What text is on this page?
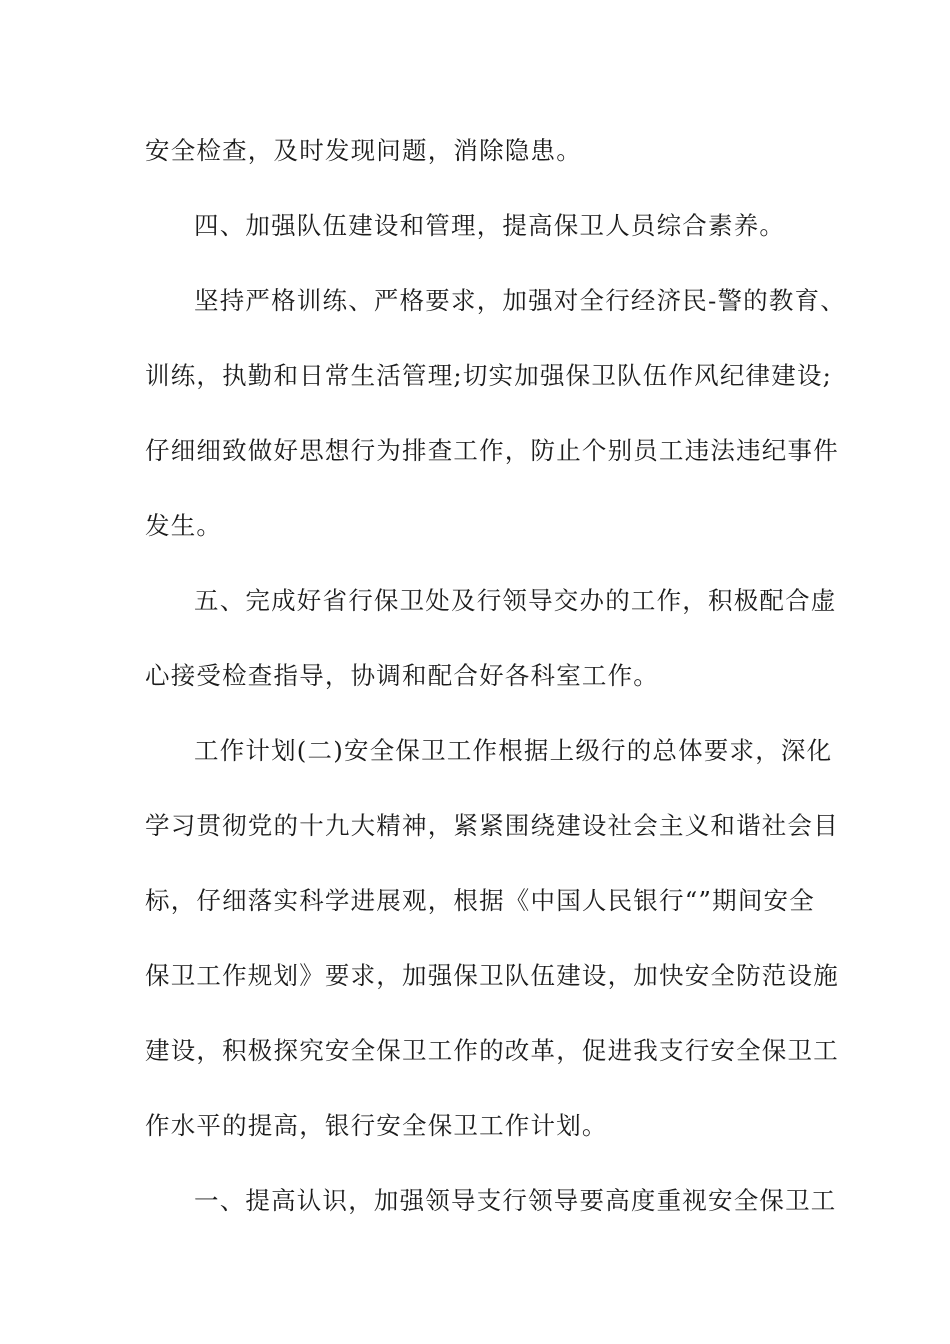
安全检查，及时发现问题，消除隐患。
四、加强队伍建设和管理，提高保卫人员综合素养。
坚持严格训练、严格要求，加强对全行经济民-警的教育、
训练，执勤和日常生活管理;切实加强保卫队伍作风纪律建设;
仔细细致做好思想行为排查工作，防止个别员工违法违纪事件
发生。
五、完成好省行保卫处及行领导交办的工作，积极配合虚
心接受检查指导，协调和配合好各科室工作。
工作计划(二)安全保卫工作根据上级行的总体要求，深化
学习贯彻党的十九大精神，紧紧围绕建设社会主义和谐社会目
标，仔细落实科学进展观，根据《中国人民银行“”期间安全
保卫工作规划》要求，加强保卫队伍建设，加快安全防范设施
建设，积极探究安全保卫工作的改革，促进我支行安全保卫工
作水平的提高，银行安全保卫工作计划。
一、提高认识，加强领导支行领导要高度重视安全保卫工
